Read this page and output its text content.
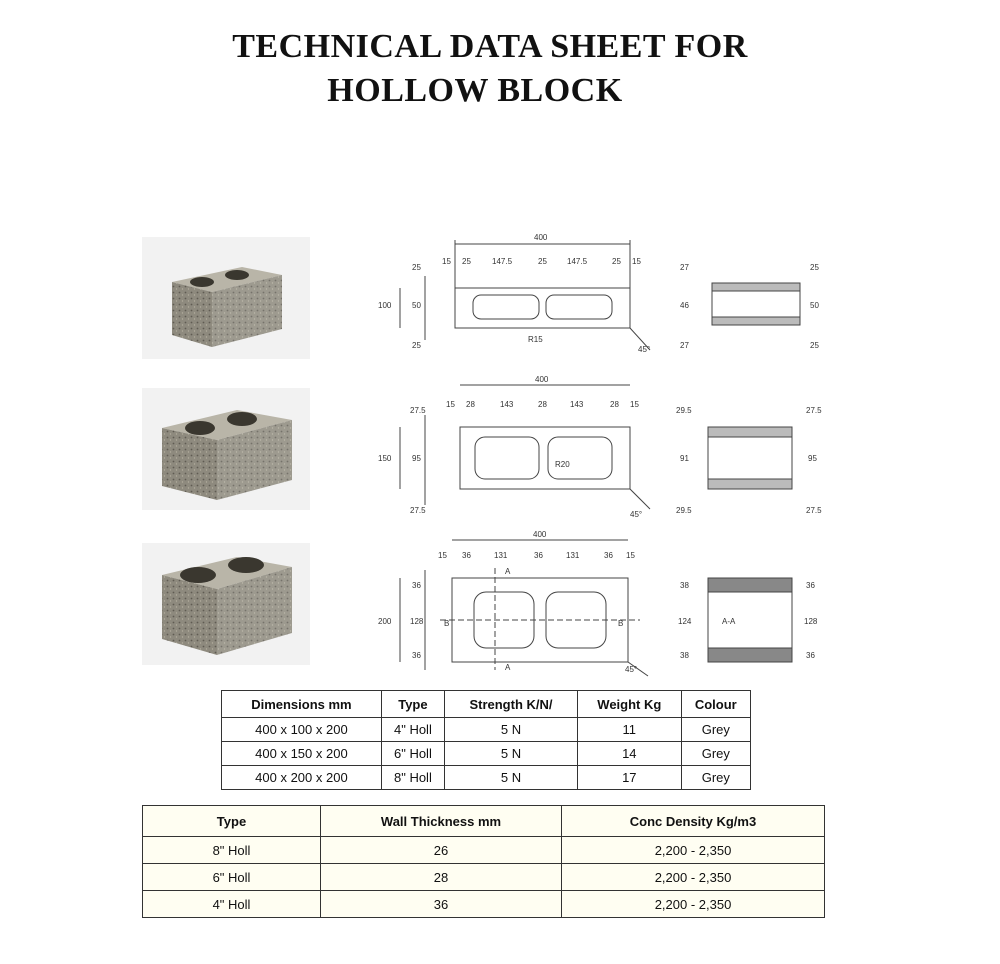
TECHNICAL DATA SHEET FOR
HOLLOW BLOCK
400
15 25	147.5	25	147.5	25 15
25
50
25
100
R15
45°
27
46
27
25
50
25
400
15 28	143	28	143	28 15
27.5
95
27.5
150
R20
45°
29.5
91
29.5
27.5
95
27.5
400
15 36	131	36	131	36 15
36
128
36
200
A
A
B	B
45°
A-A
38
124
38
36
128
36
Dimensions mm	Type	Strength K/N/	Weight Kg	Colour
400 x 100 x 200	4" Holl	5 N	11	Grey
400 x 150 x 200	6" Holl	5 N	14	Grey
400 x 200 x 200	8" Holl	5 N	17	Grey
Type	Wall Thickness mm	Conc Density Kg/m3
8" Holl	26	2,200 - 2,350
6" Holl	28	2,200 - 2,350
4" Holl	36	2,200 - 2,350
